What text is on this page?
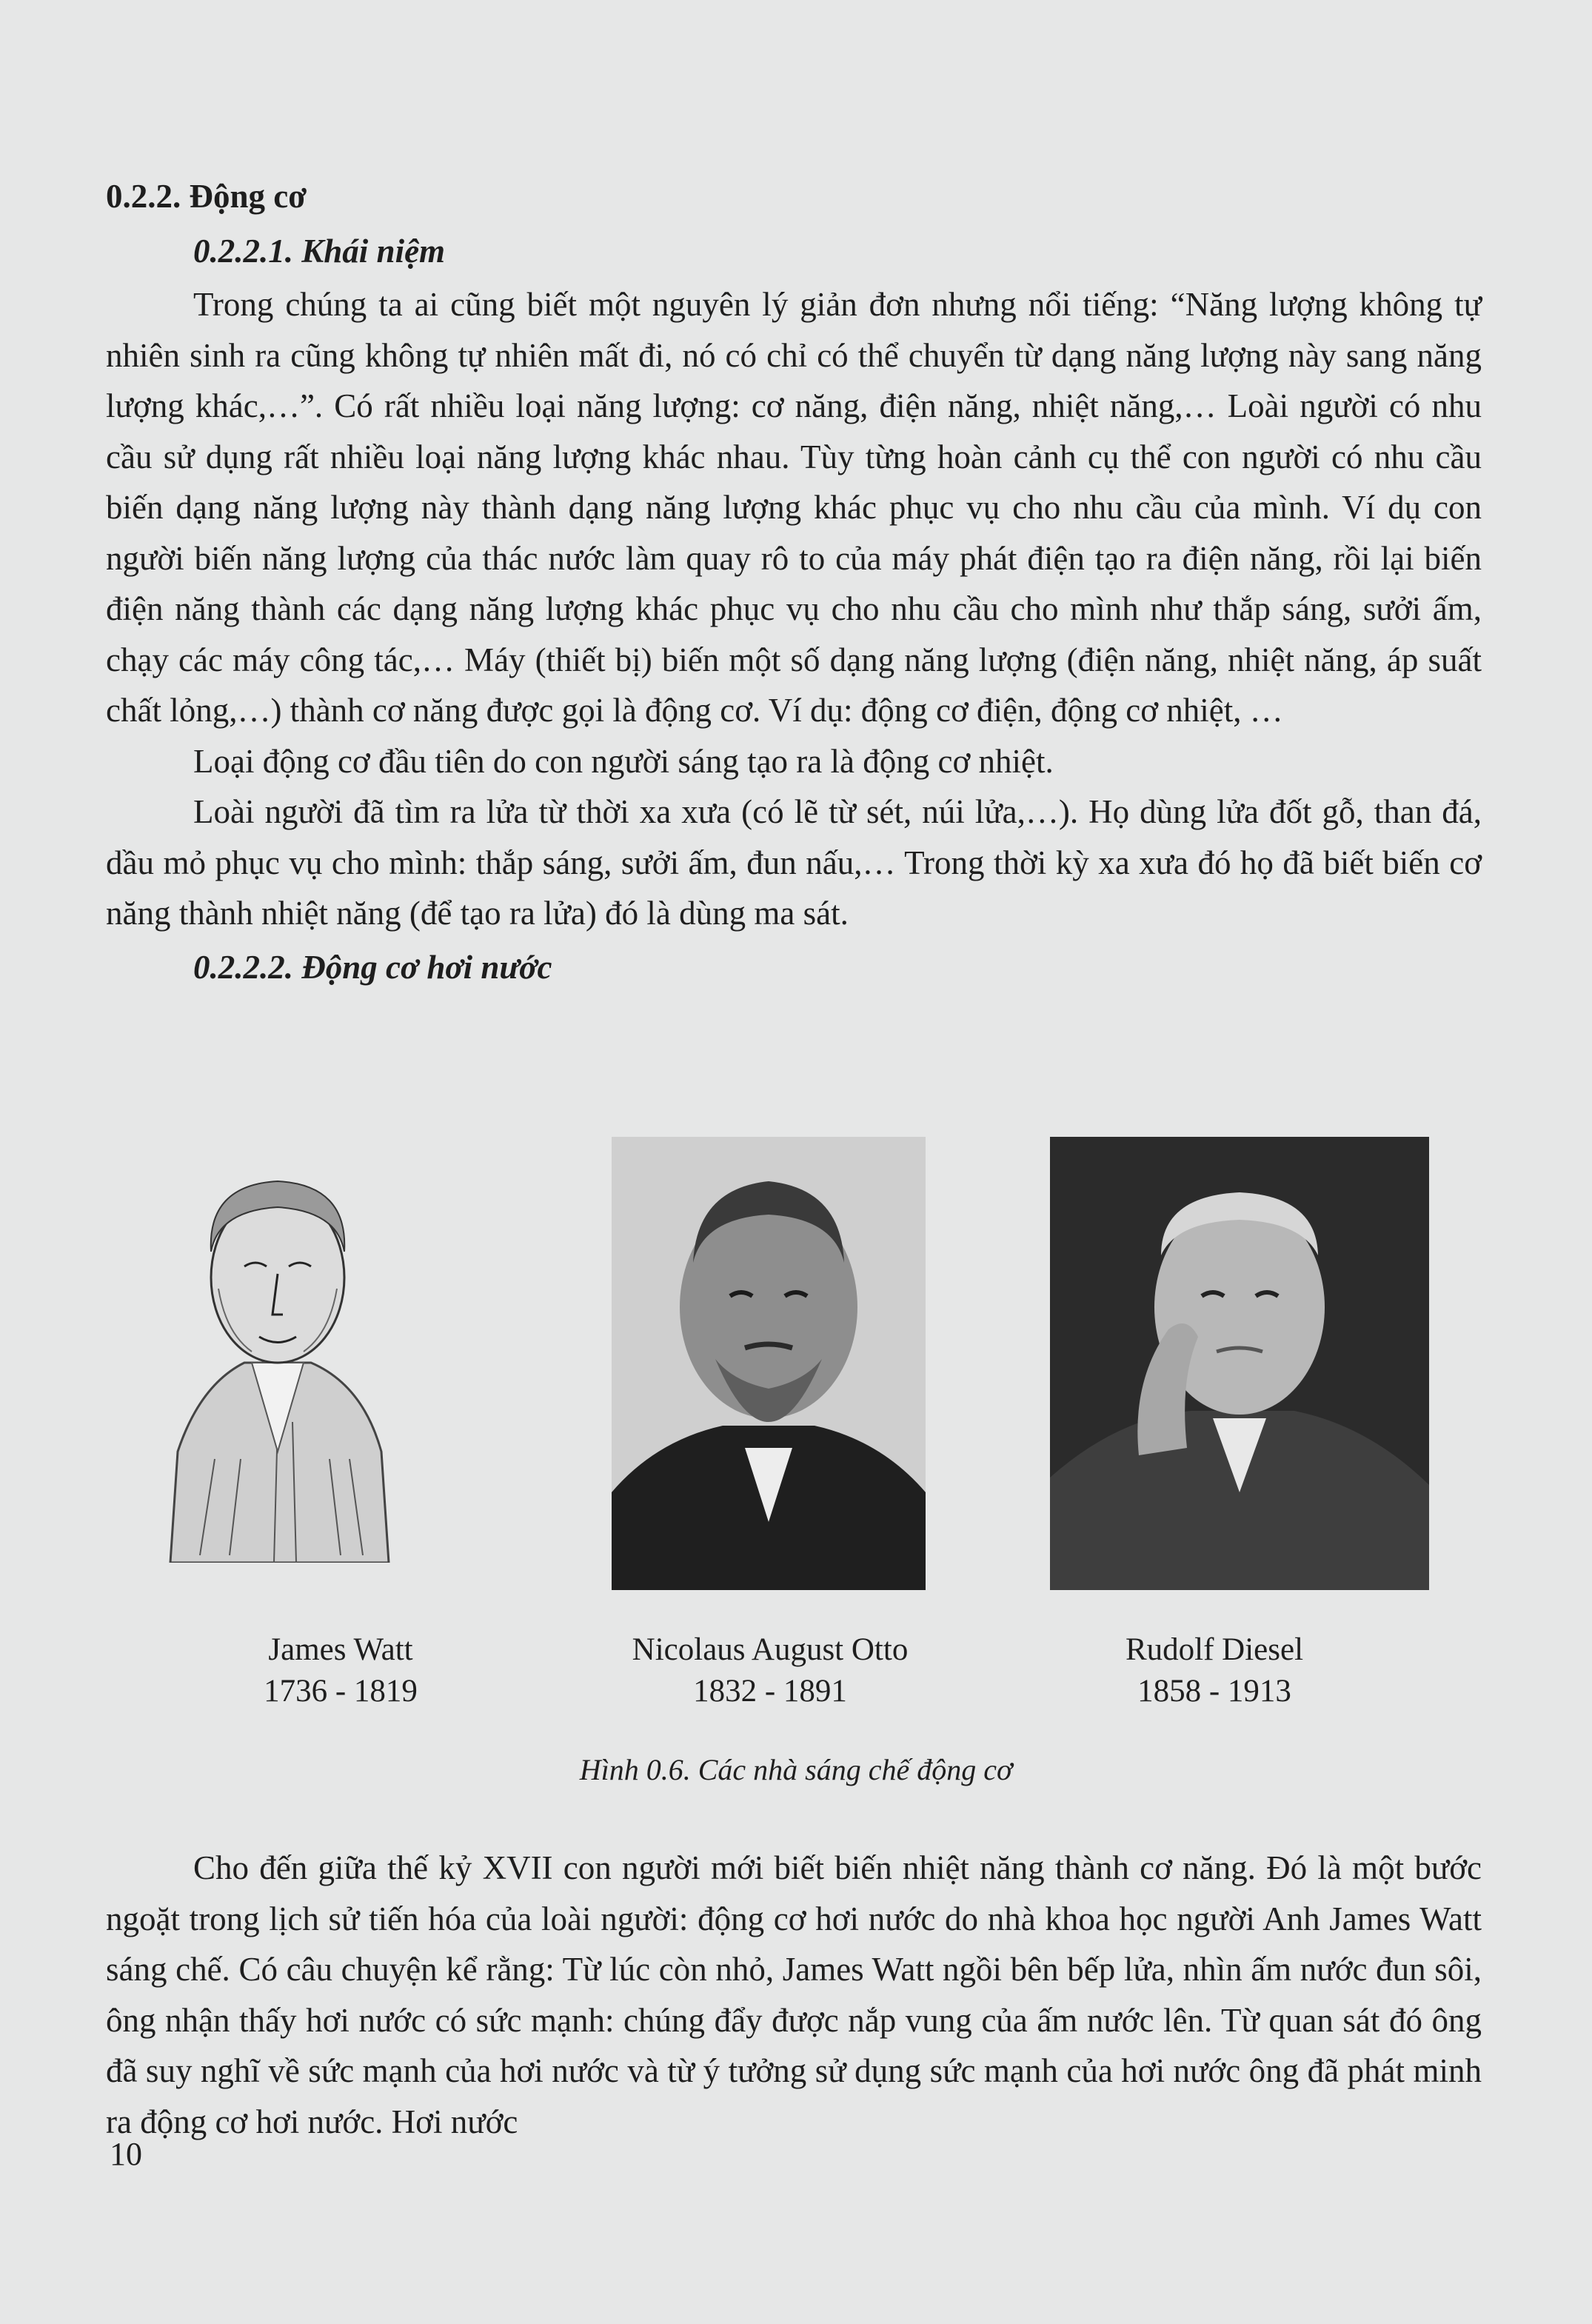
0.2.2. Động cơ
0.2.2.1. Khái niệm

Trong chúng ta ai cũng biết một nguyên lý giản đơn nhưng nổi tiếng: “Năng lượng không tự nhiên sinh ra cũng không tự nhiên mất đi, nó có chỉ có thể chuyển từ dạng năng lượng này sang năng lượng khác,…”. Có rất nhiều loại năng lượng: cơ năng, điện năng, nhiệt năng,… Loài người có nhu cầu sử dụng rất nhiều loại năng lượng khác nhau. Tùy từng hoàn cảnh cụ thể con người có nhu cầu biến dạng năng lượng này thành dạng năng lượng khác phục vụ cho nhu cầu của mình. Ví dụ con người biến năng lượng của thác nước làm quay rô to của máy phát điện tạo ra điện năng, rồi lại biến điện năng thành các dạng năng lượng khác phục vụ cho nhu cầu cho mình như thắp sáng, sưởi ấm, chạy các máy công tác,… Máy (thiết bị) biến một số dạng năng lượng (điện năng, nhiệt năng, áp suất chất lỏng,…) thành cơ năng được gọi là động cơ. Ví dụ: động cơ điện, động cơ nhiệt, …

Loại động cơ đầu tiên do con người sáng tạo ra là động cơ nhiệt.

Loài người đã tìm ra lửa từ thời xa xưa (có lẽ từ sét, núi lửa,…). Họ dùng lửa đốt gỗ, than đá, dầu mỏ phục vụ cho mình: thắp sáng, sưởi ấm, đun nấu,… Trong thời kỳ xa xưa đó họ đã biết biến cơ năng thành nhiệt năng (để tạo ra lửa) đó là dùng ma sát.

0.2.2.2. Động cơ hơi nước
James Watt
1736 - 1819
Nicolaus August Otto
1832 - 1891
Rudolf Diesel
1858 - 1913
Hình 0.6. Các nhà sáng chế động cơ

Cho đến giữa thế kỷ XVII con người mới biết biến nhiệt năng thành cơ năng. Đó là một bước ngoặt trong lịch sử tiến hóa của loài người: động cơ hơi nước do nhà khoa học người Anh James Watt sáng chế. Có câu chuyện kể rằng: Từ lúc còn nhỏ, James Watt ngồi bên bếp lửa, nhìn ấm nước đun sôi, ông nhận thấy hơi nước có sức mạnh: chúng đẩy được nắp vung của ấm nước lên. Từ quan sát đó ông đã suy nghĩ về sức mạnh của hơi nước và từ ý tưởng sử dụng sức mạnh của hơi nước ông đã phát minh ra động cơ hơi nước. Hơi nước

10
